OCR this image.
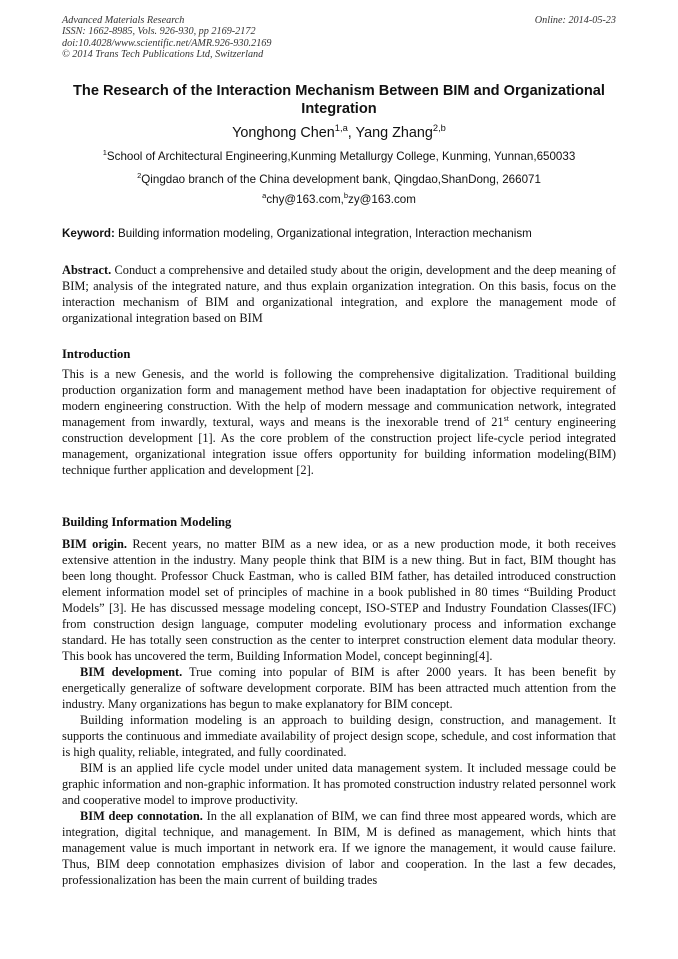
Advanced Materials Research
ISSN: 1662-8985, Vols. 926-930, pp 2169-2172
doi:10.4028/www.scientific.net/AMR.926-930.2169
© 2014 Trans Tech Publications Ltd, Switzerland
Online: 2014-05-23
The Research of the Interaction Mechanism Between BIM and Organizational Integration
Yonghong Chen$^{1,a}$, Yang Zhang$^{2,b}$
$^1$School of Architectural Engineering,Kunming Metallurgy College, Kunming, Yunnan,650033
$^2$Qingdao branch of the China development bank, Qingdao,ShanDong, 266071
$^a$chy@163.com,$^b$zy@163.com
Keyword: Building information modeling, Organizational integration, Interaction mechanism

Abstract. Conduct a comprehensive and detailed study about the origin, development and the deep meaning of BIM; analysis of the integrated nature, and thus explain organization integration. On this basis, focus on the interaction mechanism of BIM and organizational integration, and explore the management mode of organizational integration based on BIM

Introduction

This is a new Genesis, and the world is following the comprehensive digitalization. Traditional building production organization form and management method have been inadaptation for objective requirement of modern engineering construction. With the help of modern message and communication network, integrated management from inwardly, textural, ways and means is the inexorable trend of 21st century engineering construction development [1]. As the core problem of the construction project life-cycle period integrated management, organizational integration issue offers opportunity for building information modeling(BIM) technique further application and development [2].

Building Information Modeling

BIM origin. Recent years, no matter BIM as a new idea, or as a new production mode, it both receives extensive attention in the industry. Many people think that BIM is a new thing. But in fact, BIM thought has been long thought. Professor Chuck Eastman, who is called BIM father, has detailed introduced construction element information model set of principles of machine in a book published in 80 times “Building Product Models” [3]. He has discussed message modeling concept, ISO-STEP and Industry Foundation Classes(IFC) from construction design language, computer modeling evolutionary process and information exchange standard. He has totally seen construction as the center to interpret construction element data modular theory. This book has uncovered the term, Building Information Model, concept beginning[4].

BIM development. True coming into popular of BIM is after 2000 years. It has been benefit by energetically generalize of software development corporate. BIM has been attracted much attention from the industry. Many organizations has begun to make explanatory for BIM concept.

Building information modeling is an approach to building design, construction, and management. It supports the continuous and immediate availability of project design scope, schedule, and cost information that is high quality, reliable, integrated, and fully coordinated.

BIM is an applied life cycle model under united data management system. It included message could be graphic information and non-graphic information. It has promoted construction industry related personnel work and cooperative model to improve productivity.

BIM deep connotation. In the all explanation of BIM, we can find three most appeared words, which are integration, digital technique, and management. In BIM, M is defined as management, which hints that management value is much important in network era. If we ignore the management, it would cause failure. Thus, BIM deep connotation emphasizes division of labor and cooperation. In the last a few decades, professionalization has been the main current of building trades
